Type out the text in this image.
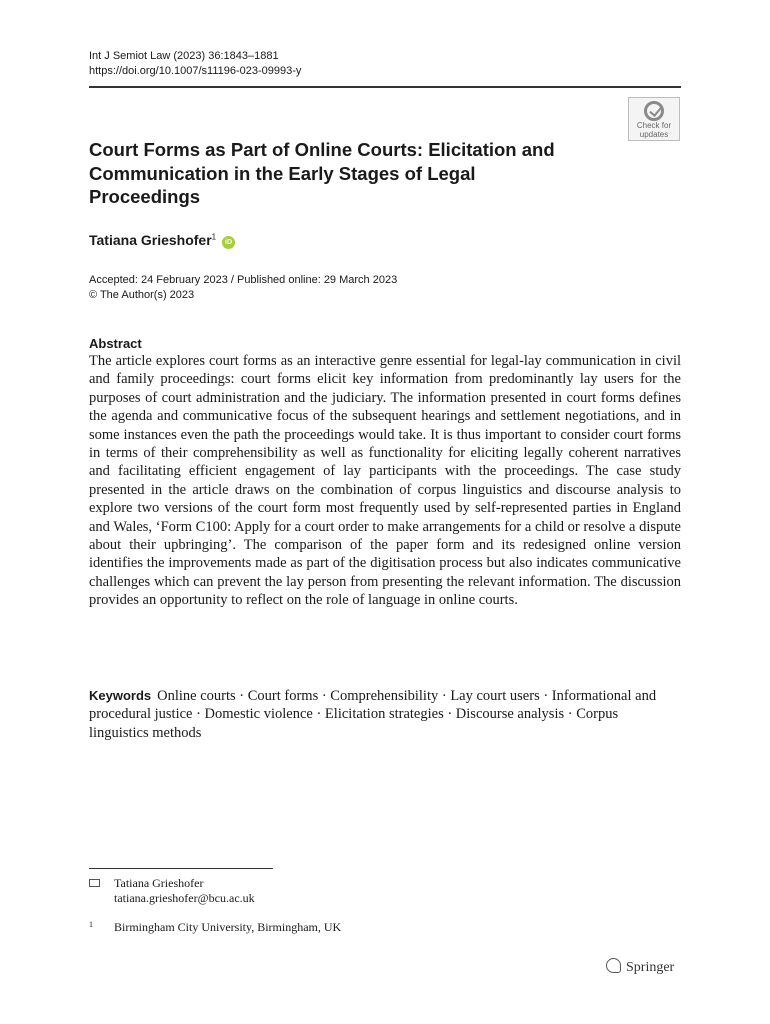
Int J Semiot Law (2023) 36:1843–1881
https://doi.org/10.1007/s11196-023-09993-y
Check for
updates
Court Forms as Part of Online Courts: Elicitation and Communication in the Early Stages of Legal Proceedings
Tatiana Grieshofer$^1$ iD
Accepted: 24 February 2023 / Published online: 29 March 2023
© The Author(s) 2023
Abstract

The article explores court forms as an interactive genre essential for legal-lay communication in civil and family proceedings: court forms elicit key information from predominantly lay users for the purposes of court administration and the judiciary. The information presented in court forms defines the agenda and communicative focus of the subsequent hearings and settlement negotiations, and in some instances even the path the proceedings would take. It is thus important to consider court forms in terms of their comprehensibility as well as functionality for eliciting legally coherent narratives and facilitating efficient engagement of lay participants with the proceedings. The case study presented in the article draws on the combination of corpus linguistics and discourse analysis to explore two versions of the court form most frequently used by self-represented parties in England and Wales, ‘Form C100: Apply for a court order to make arrangements for a child or resolve a dispute about their upbringing’. The comparison of the paper form and its redesigned online version identifies the improvements made as part of the digitisation process but also indicates communicative challenges which can prevent the lay person from presenting the relevant information. The discussion provides an opportunity to reflect on the role of language in online courts.

Keywords Online courts · Court forms · Comprehensibility · Lay court users · Informational and procedural justice · Domestic violence · Elicitation strategies · Discourse analysis · Corpus linguistics methods
Tatiana Grieshofer
tatiana.grieshofer@bcu.ac.uk
1 Birmingham City University, Birmingham, UK
Springer
